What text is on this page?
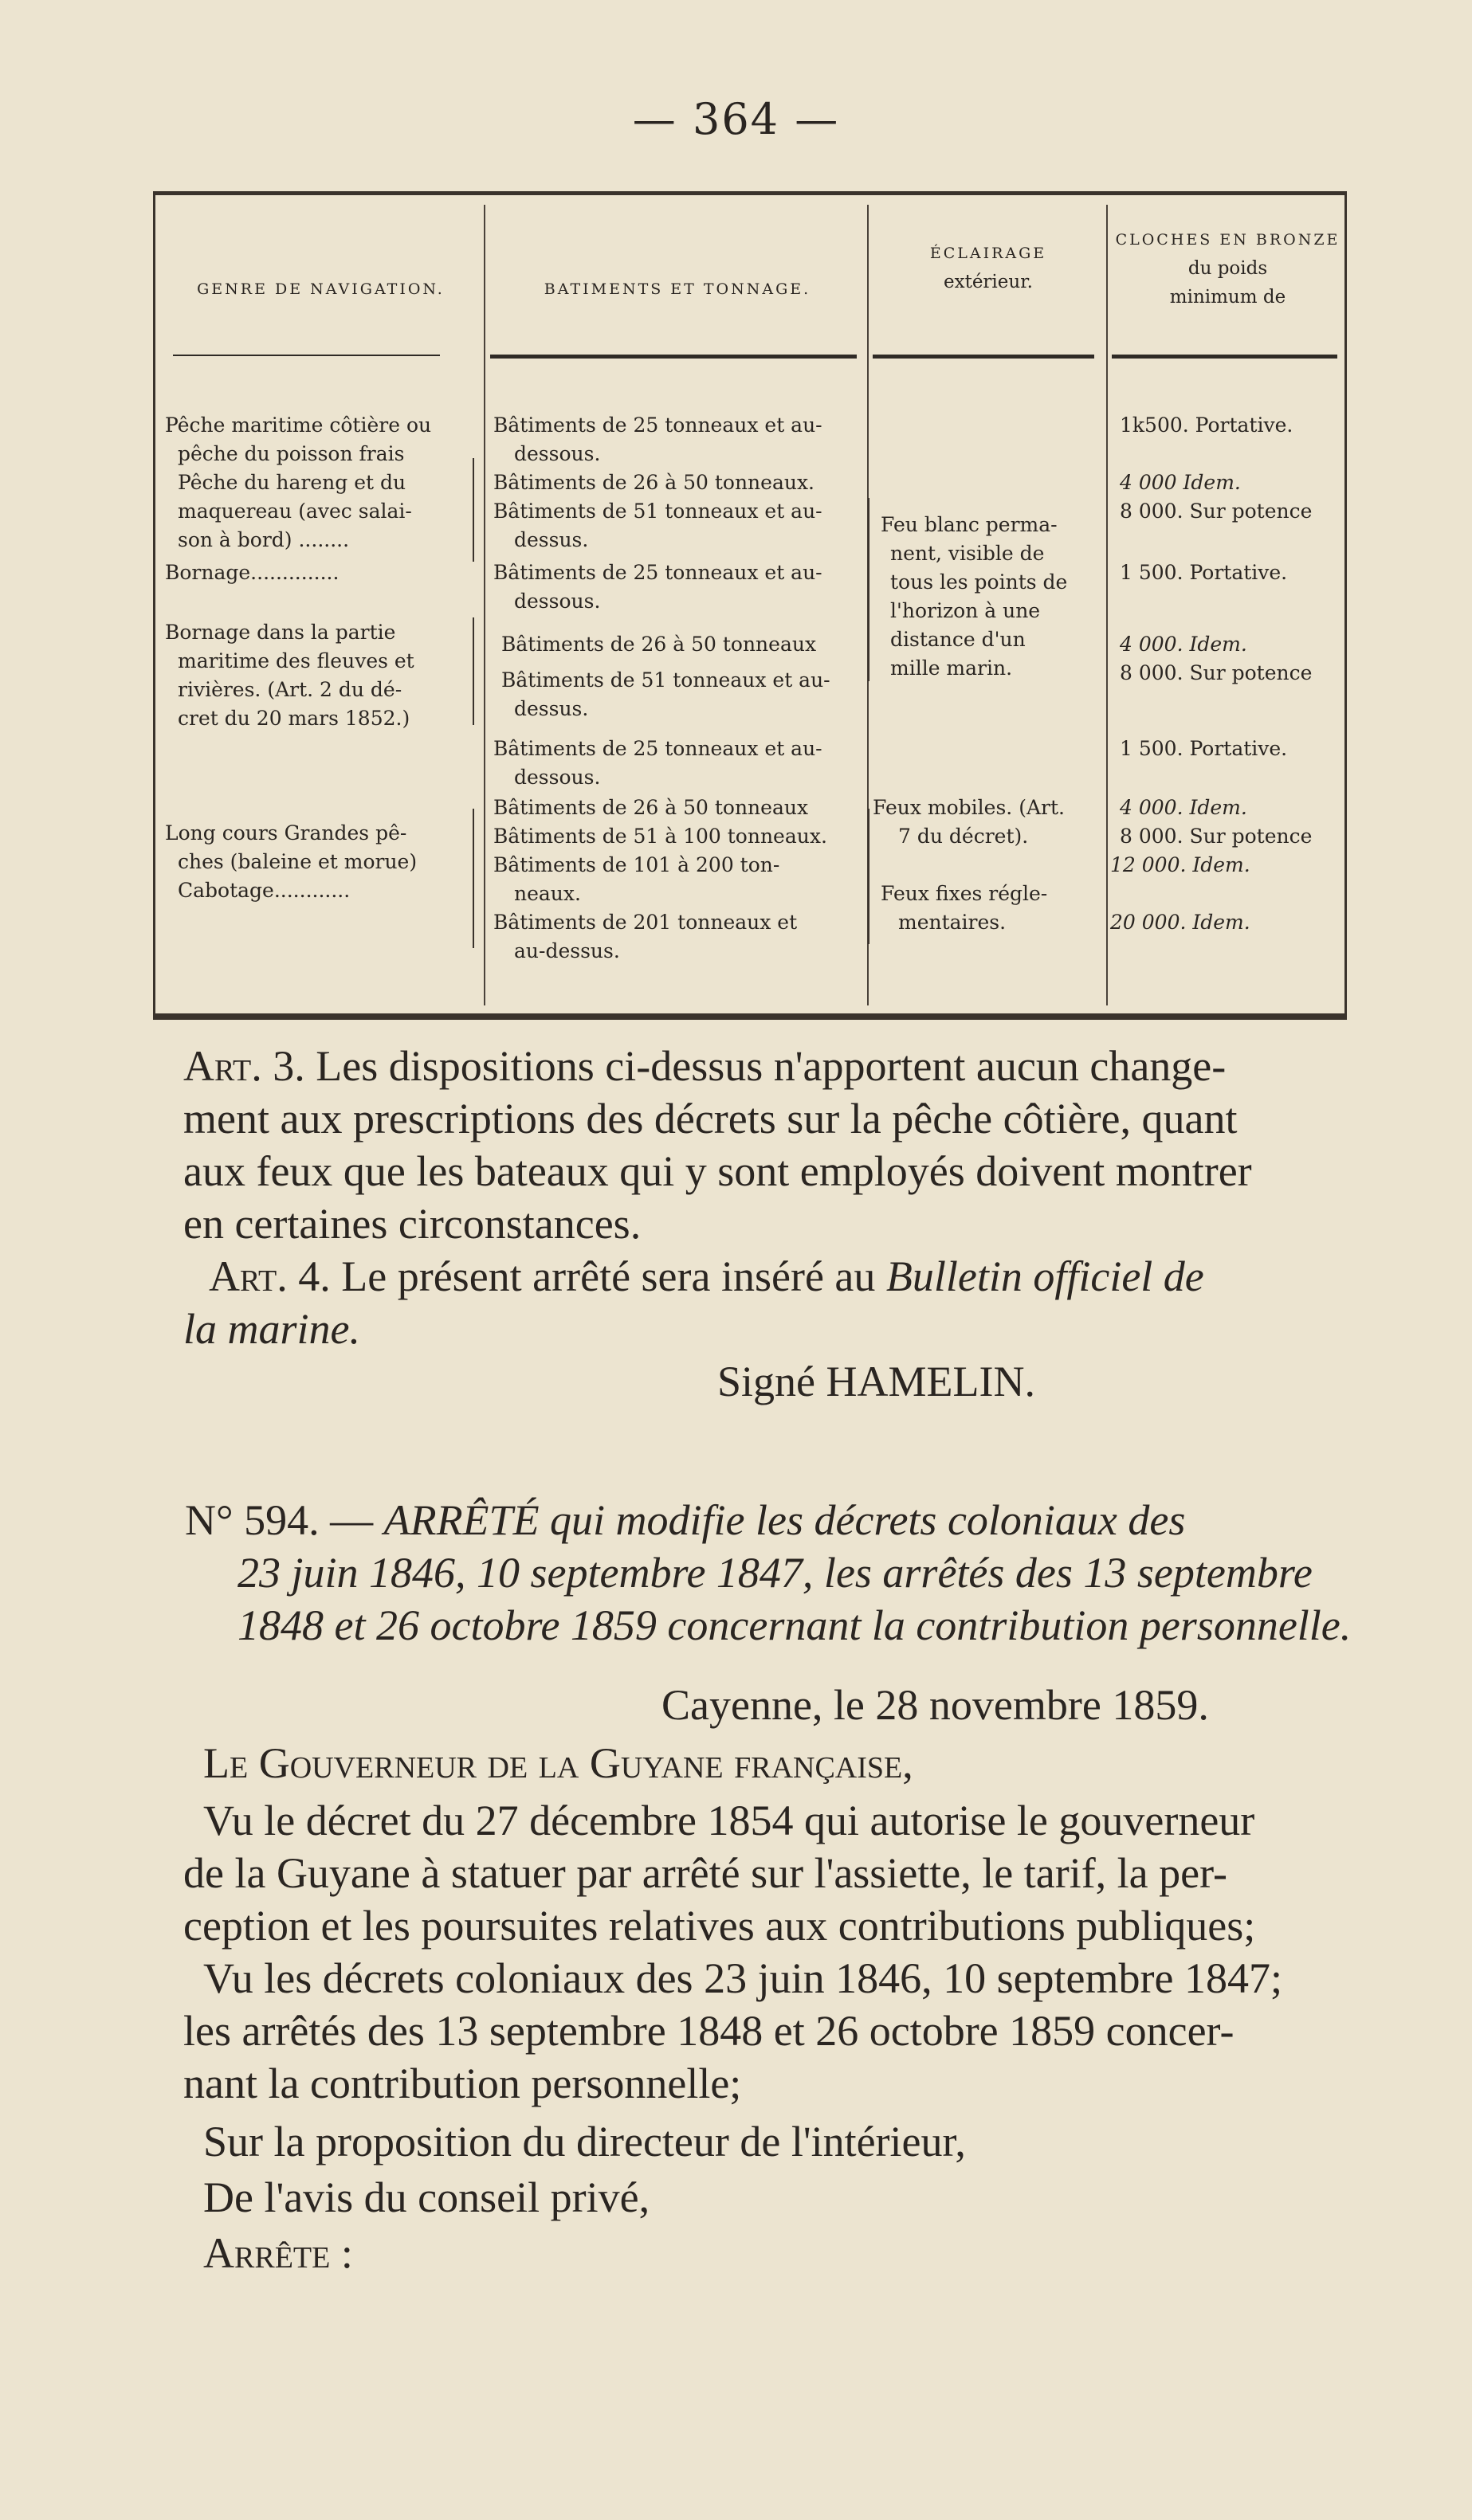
— 364 —
GENRE DE NAVIGATION.	BATIMENTS ET TONNAGE.
ÉCLAIRAGE
extérieur.
CLOCHES EN BRONZE
du poids
minimum de
Pêche maritime côtière ou
pêche du poisson frais
Pêche du hareng et du
maquereau (avec salai-
son à bord) ........
Bornage..............
Bornage dans la partie
maritime des fleuves et
rivières. (Art. 2 du dé-
cret du 20 mars 1852.)
Long cours Grandes pê-
ches (baleine et morue)
Cabotage............
Bâtiments de 25 tonneaux et au-
dessous.
Bâtiments de 26 à 50 tonneaux.
Bâtiments de 51 tonneaux et au-
dessus.
Bâtiments de 25 tonneaux et au-
dessous.
Bâtiments de 26 à 50 tonneaux
Bâtiments de 51 tonneaux et au-
dessus.
Bâtiments de 25 tonneaux et au-
dessous.
Bâtiments de 26 à 50 tonneaux
Bâtiments de 51 à 100 tonneaux.
Bâtiments de 101 à 200 ton-
neaux.
Bâtiments de 201 tonneaux et
au-dessus.
Feu blanc perma-
nent, visible de
tous les points de
l'horizon à une
distance d'un
mille marin.
Feux mobiles. (Art.
7 du décret).
Feux fixes régle-
mentaires.
1k500. Portative.
4 000 Idem.
8 000. Sur potence
1 500. Portative.
4 000. Idem.
8 000. Sur potence
1 500. Portative.
4 000. Idem.
8 000. Sur potence
12 000. Idem.
20 000. Idem.
Art. 3. Les dispositions ci-dessus n'apportent aucun change-
ment aux prescriptions des décrets sur la pêche côtière, quant
aux feux que les bateaux qui y sont employés doivent montrer
en certaines circonstances.
Art. 4. Le présent arrêté sera inséré au Bulletin officiel de
la marine.
Signé HAMELIN.
N° 594. — ARRÊTÉ qui modifie les décrets coloniaux des
23 juin 1846, 10 septembre 1847, les arrêtés des 13 septembre
1848 et 26 octobre 1859 concernant la contribution personnelle.
Cayenne, le 28 novembre 1859.
Le Gouverneur de la Guyane française,
Vu le décret du 27 décembre 1854 qui autorise le gouverneur
de la Guyane à statuer par arrêté sur l'assiette, le tarif, la per-
ception et les poursuites relatives aux contributions publiques;
Vu les décrets coloniaux des 23 juin 1846, 10 septembre 1847;
les arrêtés des 13 septembre 1848 et 26 octobre 1859 concer-
nant la contribution personnelle;
Sur la proposition du directeur de l'intérieur,
De l'avis du conseil privé,
Arrête :
